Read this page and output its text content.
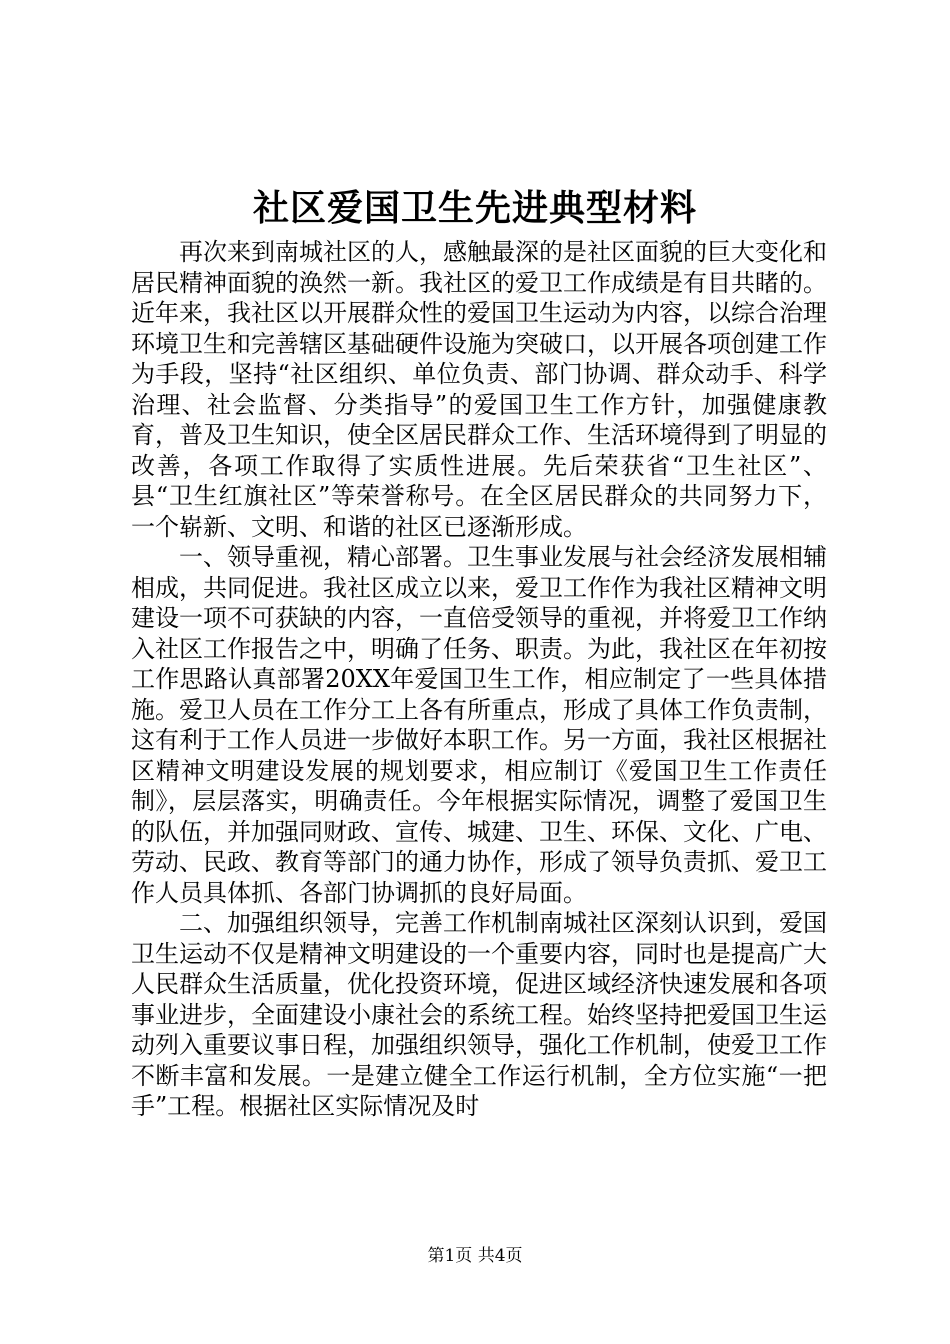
社区爱国卫生先进典型材料

再次来到南城社区的人，感触最深的是社区面貌的巨大变化和居民精神面貌的涣然一新。我社区的爱卫工作成绩是有目共睹的。近年来，我社区以开展群众性的爱国卫生运动为内容，以综合治理环境卫生和完善辖区基础硬件设施为突破口，以开展各项创建工作为手段，坚持“社区组织、单位负责、部门协调、群众动手、科学治理、社会监督、分类指导”的爱国卫生工作方针，加强健康教育，普及卫生知识，使全区居民群众工作、生活环境得到了明显的改善，各项工作取得了实质性进展。先后荣获省“卫生社区”、县“卫生红旗社区”等荣誉称号。在全区居民群众的共同努力下，一个崭新、文明、和谐的社区已逐渐形成。

一、领导重视，精心部署。卫生事业发展与社会经济发展相辅相成，共同促进。我社区成立以来，爱卫工作作为我社区精神文明建设一项不可获缺的内容，一直倍受领导的重视，并将爱卫工作纳入社区工作报告之中，明确了任务、职责。为此，我社区在年初按工作思路认真部署20XX年爱国卫生工作，相应制定了一些具体措施。爱卫人员在工作分工上各有所重点，形成了具体工作负责制，这有利于工作人员进一步做好本职工作。另一方面，我社区根据社区精神文明建设发展的规划要求，相应制订《爱国卫生工作责任制》，层层落实，明确责任。今年根据实际情况，调整了爱国卫生的队伍，并加强同财政、宣传、城建、卫生、环保、文化、广电、劳动、民政、教育等部门的通力协作，形成了领导负责抓、爱卫工作人员具体抓、各部门协调抓的良好局面。

二、加强组织领导，完善工作机制南城社区深刻认识到，爱国卫生运动不仅是精神文明建设的一个重要内容，同时也是提高广大人民群众生活质量，优化投资环境，促进区域经济快速发展和各项事业进步，全面建设小康社会的系统工程。始终坚持把爱国卫生运动列入重要议事日程，加强组织领导，强化工作机制，使爱卫工作不断丰富和发展。一是建立健全工作运行机制，全方位实施“一把手”工程。根据社区实际情况及时

第1页 共4页
